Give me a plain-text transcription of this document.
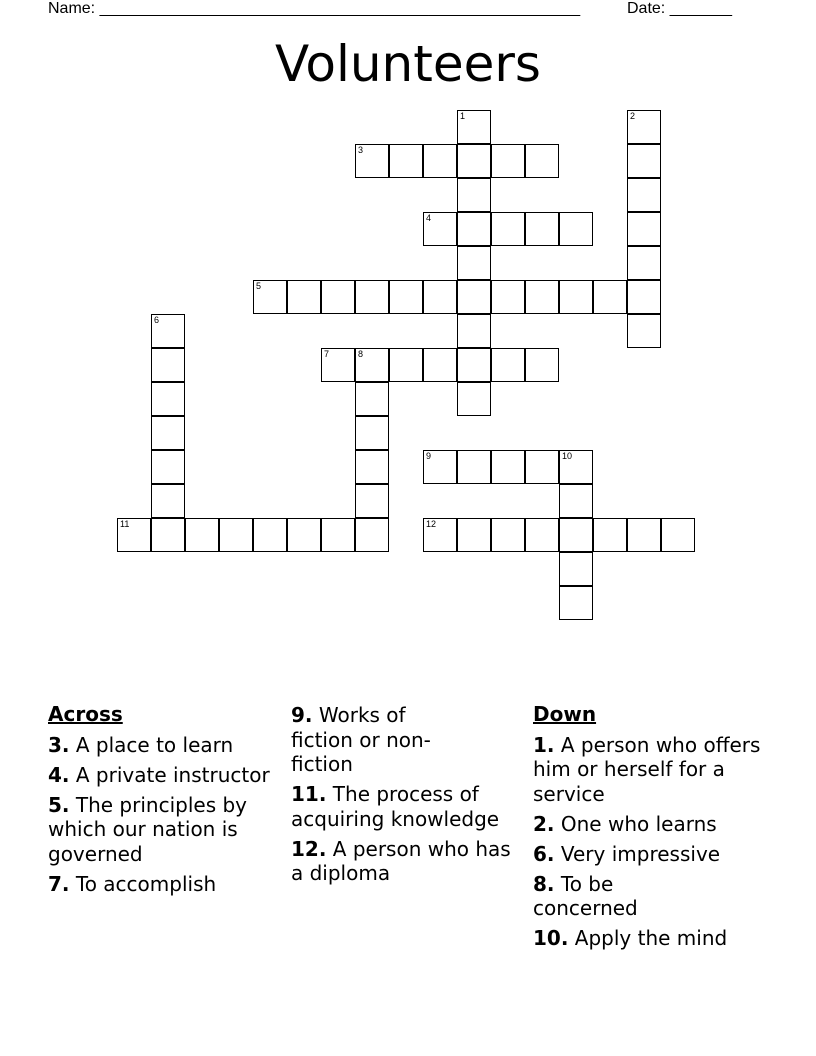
Name: ______________________________________________________	Date: _______
Volunteers
1	2
3
4
5
6
7	8
9	10
11	12
Across
3. A place to learn
4. A private instructor
5. The principles by which our nation is governed
7. To accomplish
9. Works of fiction or non-fiction
11. The process of acquiring knowledge
12. A person who has a diploma
Down
1. A person who offers him or herself for a service
2. One who learns
6. Very impressive
8. To be concerned
10. Apply the mind
